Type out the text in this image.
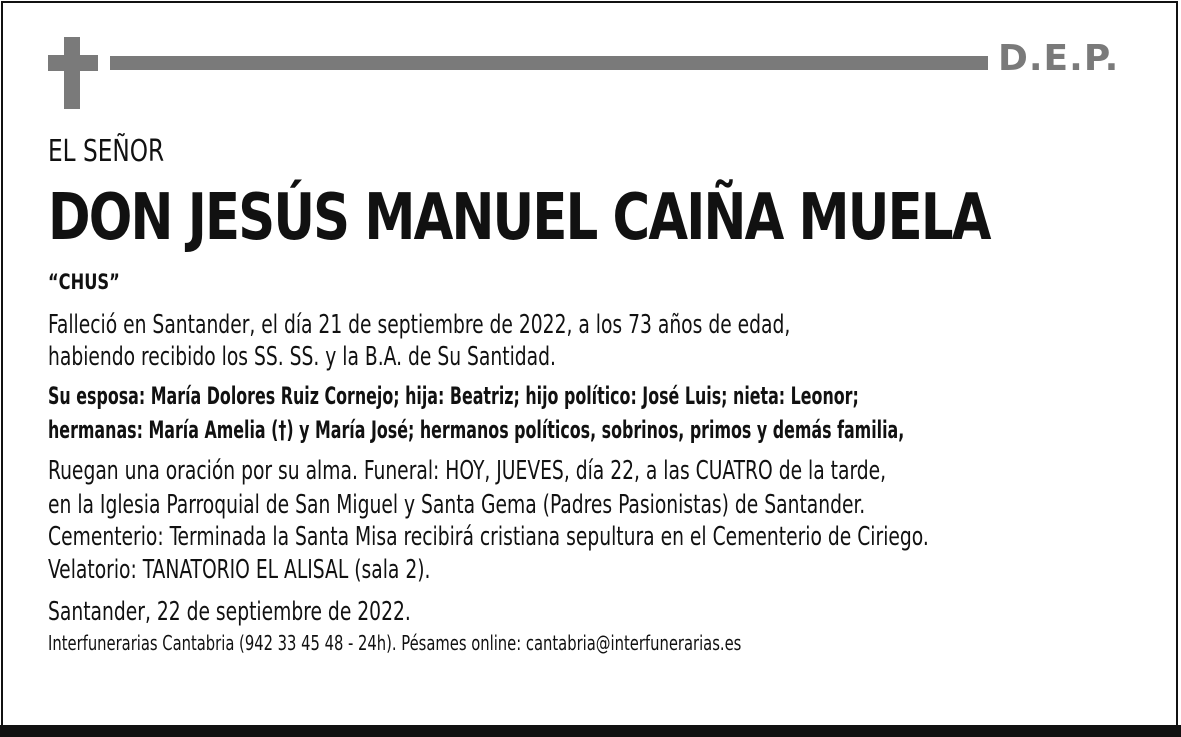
D.E.P.
EL SEÑOR
DON JESÚS MANUEL CAIÑA MUELA
“CHUS”
Falleció en Santander, el día 21 de septiembre de 2022, a los 73 años de edad,
habiendo recibido los SS. SS. y la B.A. de Su Santidad.
Su esposa: María Dolores Ruiz Cornejo; hija: Beatriz; hijo político: José Luis; nieta: Leonor;
hermanas: María Amelia (†) y María José; hermanos políticos, sobrinos, primos y demás familia,
Ruegan una oración por su alma. Funeral: HOY, JUEVES, día 22, a las CUATRO de la tarde,
en la Iglesia Parroquial de San Miguel y Santa Gema (Padres Pasionistas) de Santander.
Cementerio: Terminada la Santa Misa recibirá cristiana sepultura en el Cementerio de Ciriego.
Velatorio: TANATORIO EL ALISAL (sala 2).
Santander, 22 de septiembre de 2022.
Interfunerarias Cantabria (942 33 45 48 - 24h). Pésames online: cantabria@interfunerarias.es
